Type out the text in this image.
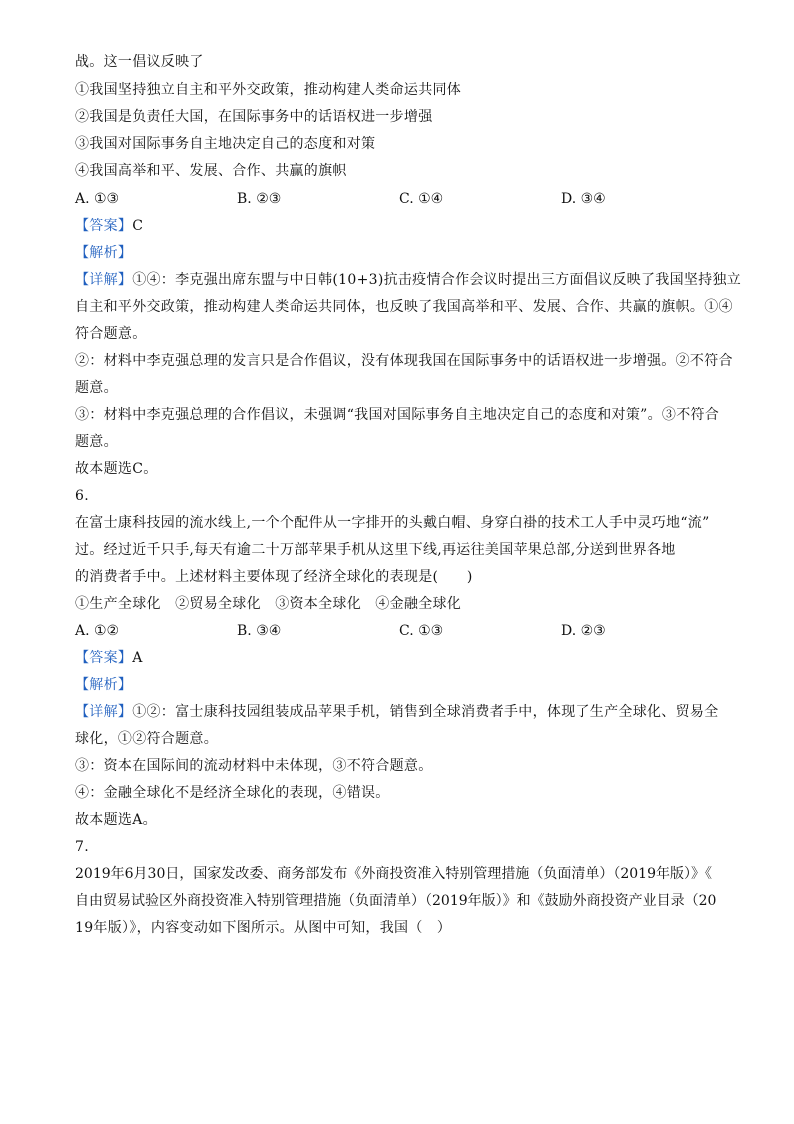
战。这一倡议反映了
①我国坚持独立自主和平外交政策，推动构建人类命运共同体
②我国是负责任大国，在国际事务中的话语权进一步增强
③我国对国际事务自主地决定自己的态度和对策
④我国高举和平、发展、合作、共赢的旗帜
A. ①③	B. ②③	C. ①④	D. ③④
【答案】C
【解析】
【详解】①④：李克强出席东盟与中日韩(10+3)抗击疫情合作会议时提出三方面倡议反映了我国坚持独立
自主和平外交政策，推动构建人类命运共同体，也反映了我国高举和平、发展、合作、共赢的旗帜。①④
符合题意。
②：材料中李克强总理的发言只是合作倡议，没有体现我国在国际事务中的话语权进一步增强。②不符合
题意。
③：材料中李克强总理的合作倡议，未强调“我国对国际事务自主地决定自己的态度和对策”。③不符合
题意。
故本题选C。
6.
在富士康科技园的流水线上,一个个配件从一字排开的头戴白帽、身穿白褂的技术工人手中灵巧地“流”
过。经过近千只手,每天有逾二十万部苹果手机从这里下线,再运往美国苹果总部,分送到世界各地
的消费者手中。上述材料主要体现了经济全球化的表现是(　　)
①生产全球化　②贸易全球化　③资本全球化　④金融全球化
A. ①②	B. ③④	C. ①③	D. ②③
【答案】A
【解析】
【详解】①②：富士康科技园组装成品苹果手机，销售到全球消费者手中，体现了生产全球化、贸易全
球化，①②符合题意。
③：资本在国际间的流动材料中未体现，③不符合题意。
④：金融全球化不是经济全球化的表现，④错误。
故本题选A。
7.
2019年6月30日，国家发改委、商务部发布《外商投资准入特别管理措施（负面清单）（2019年版）》《
自由贸易试验区外商投资准入特别管理措施（负面清单）（2019年版）》和《鼓励外商投资产业目录（20
19年版）》，内容变动如下图所示。从图中可知，我国（　）
